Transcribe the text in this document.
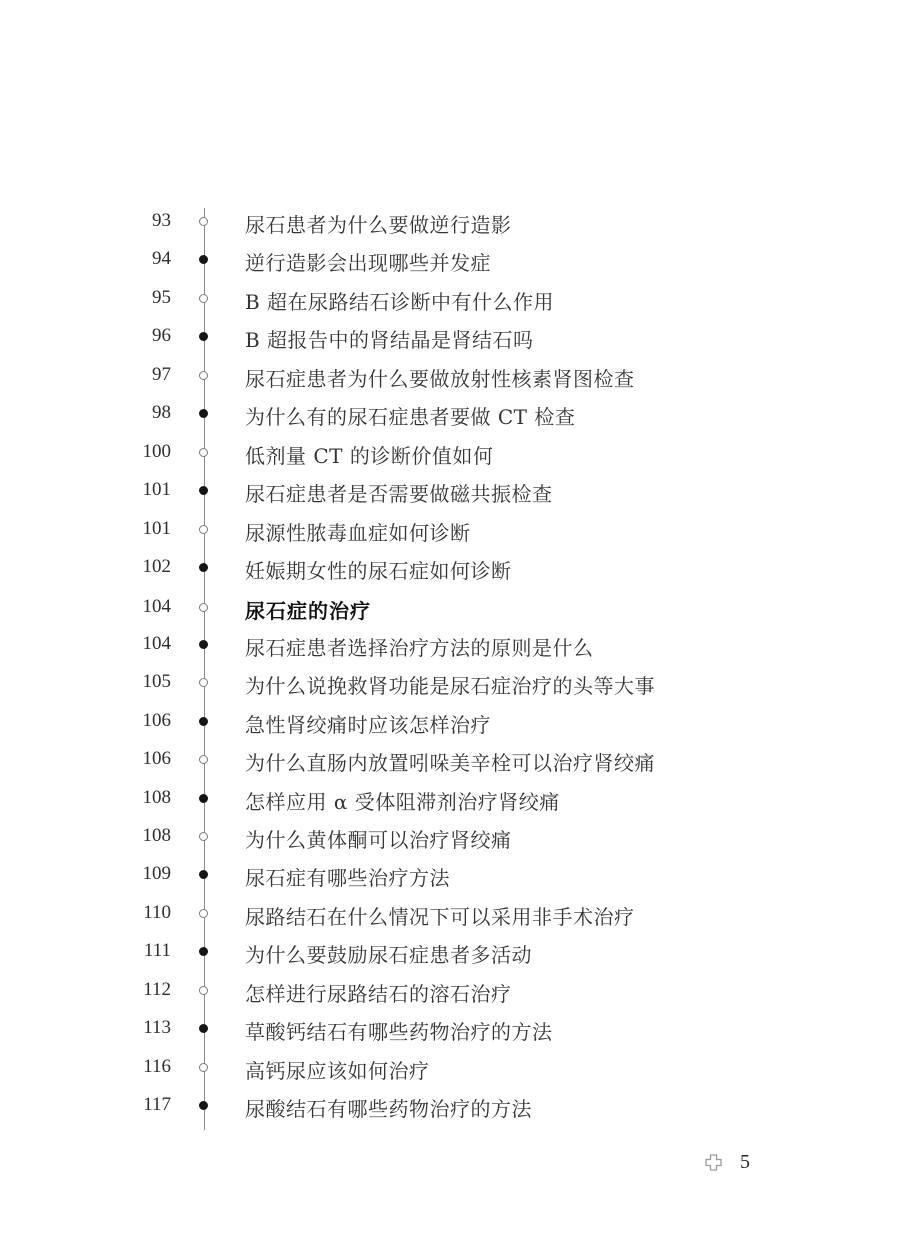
93	尿石患者为什么要做逆行造影
94	逆行造影会出现哪些并发症
95	B 超在尿路结石诊断中有什么作用
96	B 超报告中的肾结晶是肾结石吗
97	尿石症患者为什么要做放射性核素肾图检查
98	为什么有的尿石症患者要做 CT 检查
100	低剂量 CT 的诊断价值如何
101	尿石症患者是否需要做磁共振检查
101	尿源性脓毒血症如何诊断
102	妊娠期女性的尿石症如何诊断
104	尿石症的治疗
104	尿石症患者选择治疗方法的原则是什么
105	为什么说挽救肾功能是尿石症治疗的头等大事
106	急性肾绞痛时应该怎样治疗
106	为什么直肠内放置吲哚美辛栓可以治疗肾绞痛
108	怎样应用 α 受体阻滞剂治疗肾绞痛
108	为什么黄体酮可以治疗肾绞痛
109	尿石症有哪些治疗方法
110	尿路结石在什么情况下可以采用非手术治疗
111	为什么要鼓励尿石症患者多活动
112	怎样进行尿路结石的溶石治疗
113	草酸钙结石有哪些药物治疗的方法
116	高钙尿应该如何治疗
117	尿酸结石有哪些药物治疗的方法
5
